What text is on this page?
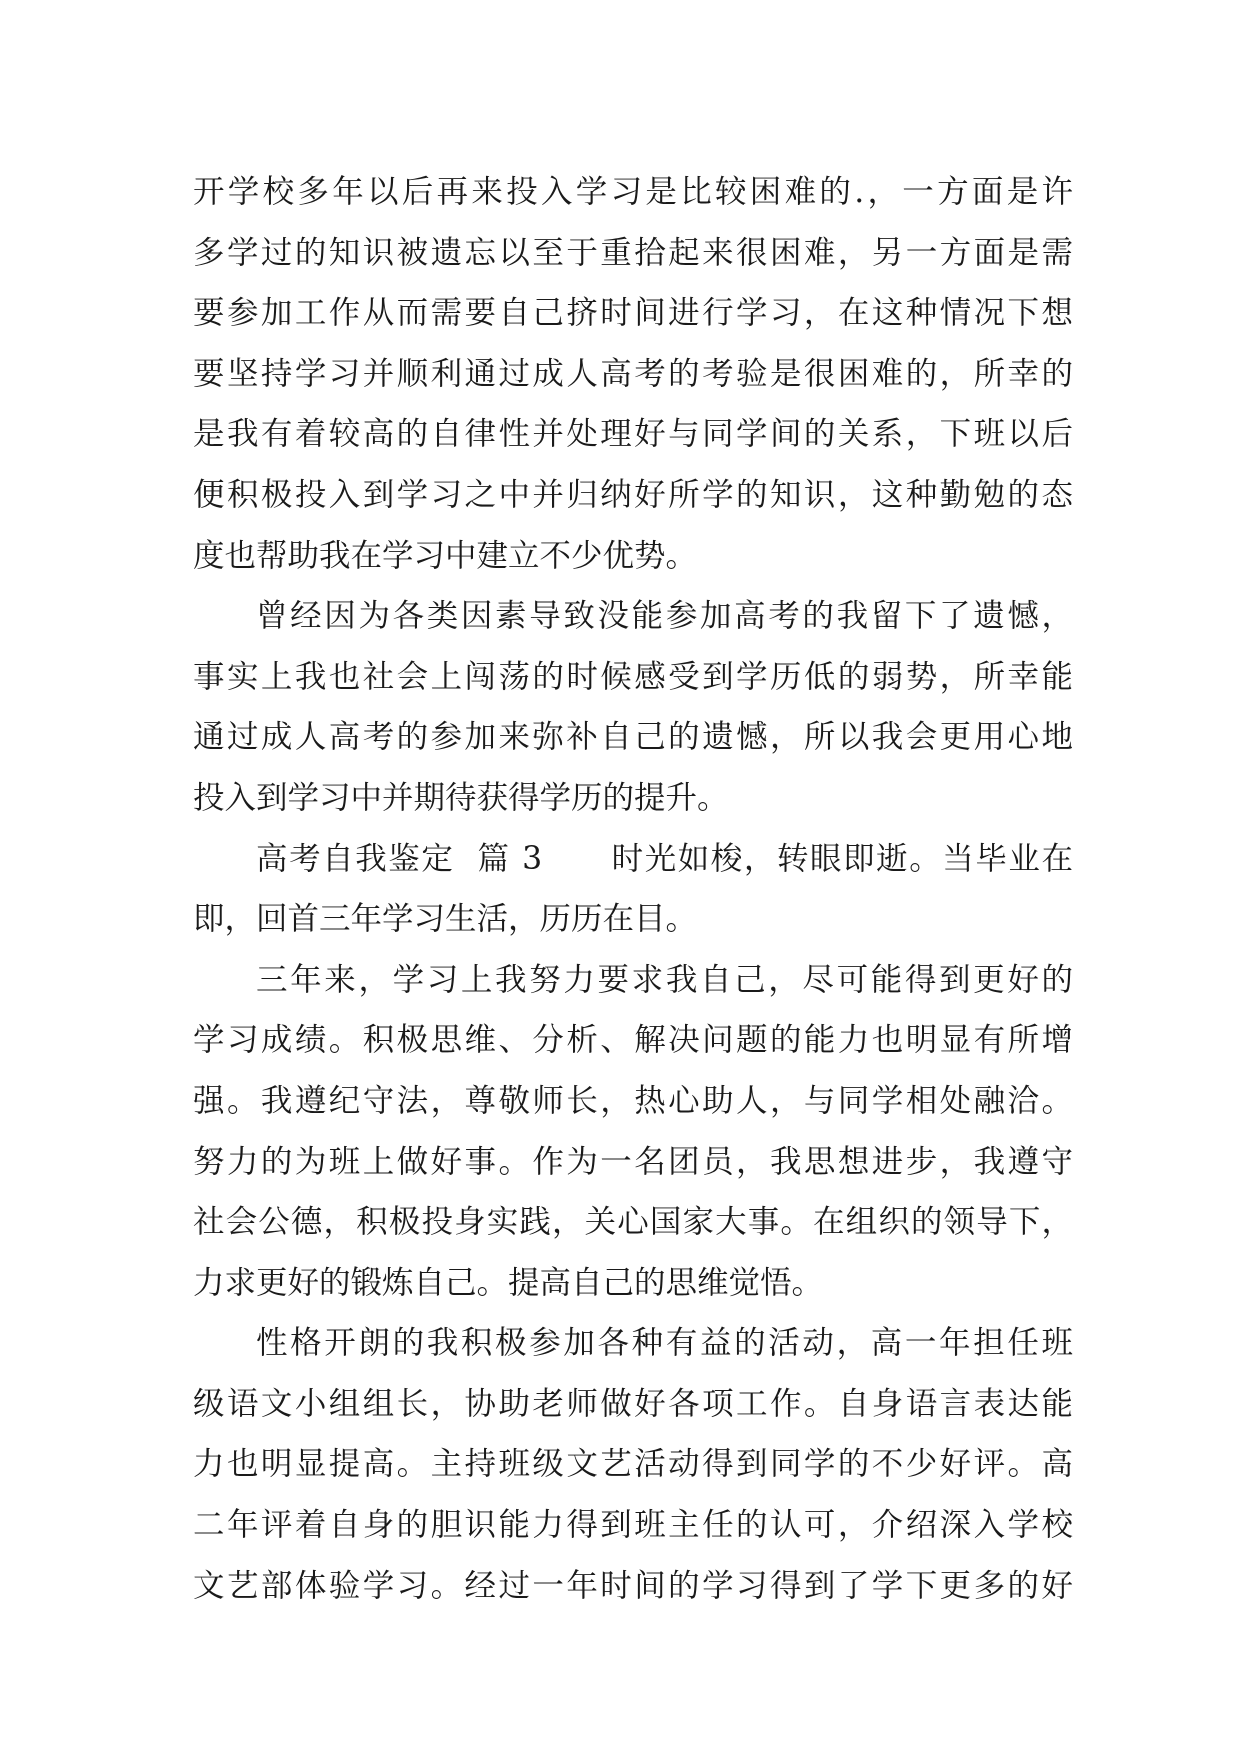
开学校多年以后再来投入学习是比较困难的.，一方面是许
多学过的知识被遗忘以至于重拾起来很困难，另一方面是需
要参加工作从而需要自己挤时间进行学习，在这种情况下想
要坚持学习并顺利通过成人高考的考验是很困难的，所幸的
是我有着较高的自律性并处理好与同学间的关系，下班以后
便积极投入到学习之中并归纳好所学的知识，这种勤勉的态
度也帮助我在学习中建立不少优势。
曾经因为各类因素导致没能参加高考的我留下了遗憾，
事实上我也社会上闯荡的时候感受到学历低的弱势，所幸能
通过成人高考的参加来弥补自己的遗憾，所以我会更用心地
投入到学习中并期待获得学历的提升。
高考自我鉴定  篇 3      时光如梭，转眼即逝。当毕业在
即，回首三年学习生活，历历在目。
三年来，学习上我努力要求我自己，尽可能得到更好的
学习成绩。积极思维、分析、解决问题的能力也明显有所增
强。我遵纪守法，尊敬师长，热心助人，与同学相处融洽。
努力的为班上做好事。作为一名团员，我思想进步，我遵守
社会公德，积极投身实践，关心国家大事。在组织的领导下，
力求更好的锻炼自己。提高自己的思维觉悟。
性格开朗的我积极参加各种有益的活动，高一年担任班
级语文小组组长，协助老师做好各项工作。自身语言表达能
力也明显提高。主持班级文艺活动得到同学的不少好评。高
二年评着自身的胆识能力得到班主任的认可，介绍深入学校
文艺部体验学习。经过一年时间的学习得到了学下更多的好
